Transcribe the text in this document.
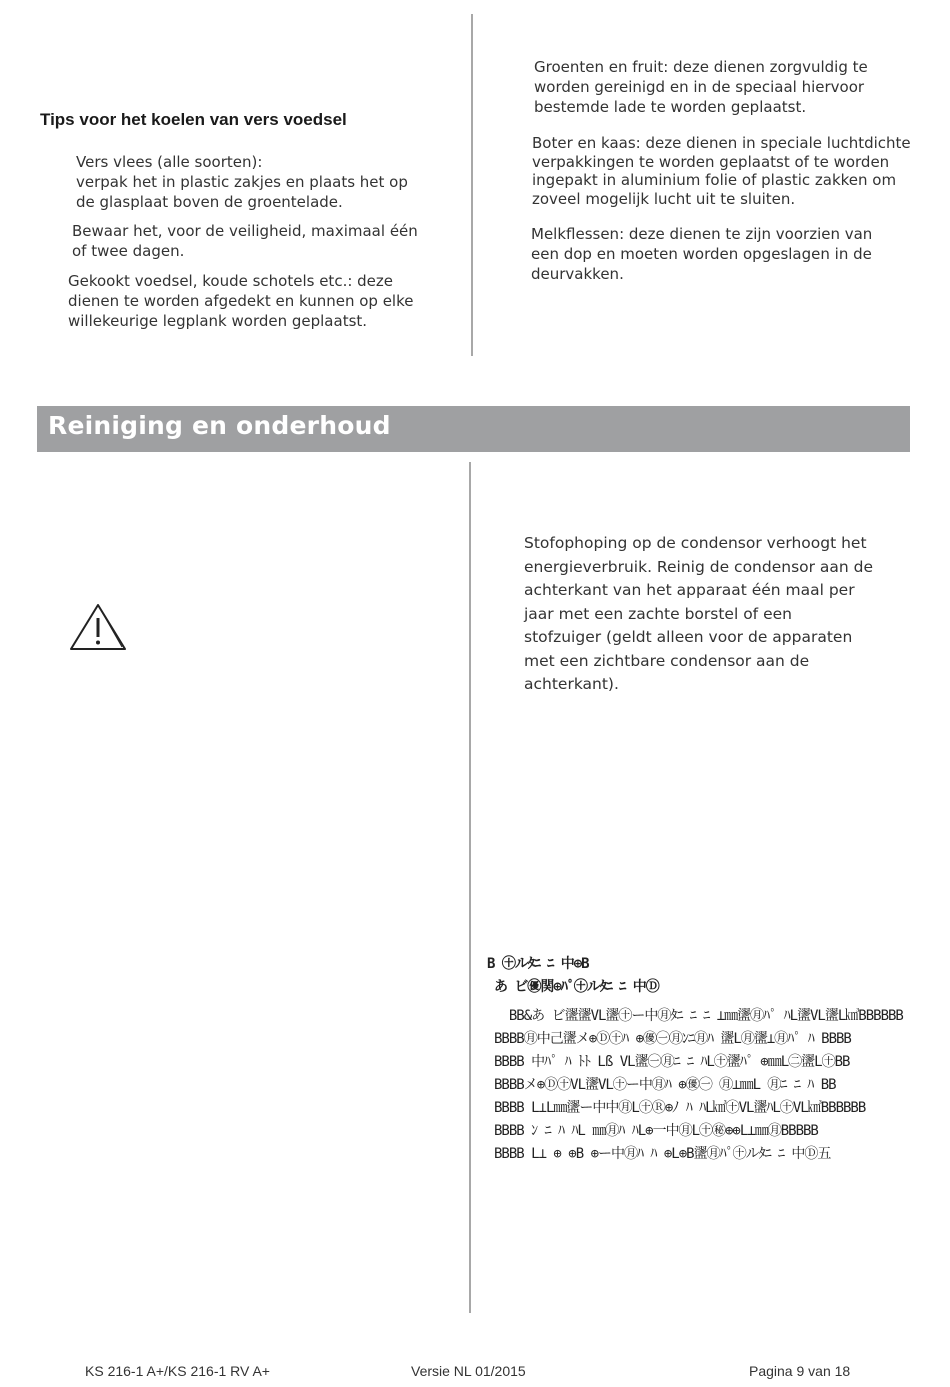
Tips voor het koelen van vers voedsel
Vers vlees (alle soorten):
verpak het in plastic zakjes en plaats het op
de glasplaat boven de groentelade.
Bewaar het, voor de veiligheid, maximaal één
of twee dagen.
Gekookt voedsel, koude schotels etc.: deze
dienen te worden afgedekt en kunnen op elke
willekeurige legplank worden geplaatst.
Groenten en fruit: deze dienen zorgvuldig te
worden gereinigd en in de speciaal hiervoor
bestemde lade te worden geplaatst.
Boter en kaas: deze dienen in speciale luchtdichte
verpakkingen te worden geplaatst of te worden
ingepakt in aluminium folie of plastic zakken om
zoveel mogelijk lucht uit te sluiten.
Melkflessen: deze dienen te zijn voorzien van
een dop en moeten worden opgeslagen in de
deurvakken.
Reiniging en onderhoud
Stofophoping op de condensor verhoogt het
energieverbruik. Reinig de condensor aan de
achterkant van het apparaat één maal per
jaar met een zachte borstel of een
stofzuiger (geldt alleen voor de apparaten
met een zichtbare condensor aan de
achterkant).
B ㊉ルﾀﾆ ﾆ 中⊕B
あ ビ㊝関⊕ﾊﾟ㊉ルﾀﾆ ﾆ 中Ⓓ
BB&あ ビ䀊䀊VL䀊㊉ー中㊊ﾀﾆ ﾆ ﾆ ⊥㎜䀊㊊ﾊﾟ ﾊL䀊VL䀊L㎦BBBBBB
BBBB㊊中己䀊メ⊕Ⓓ㊉ﾊ ⊕㊝㊀㊊ﾝﾆ㊊ﾊ 䀊L㊊䀊⊥㊊ﾊﾟ ﾊ BBBB
BBBB 中ﾊﾟ ﾊ ﾄﾄ Lß VL䀊㊀㊊ﾆ ﾆ ﾊL㊉䀊ﾊﾟ ⊕㎜L㊁䀊L㊉BB
BBBBメ⊕Ⓓ㊉VL䀊VL㊉ー中㊊ﾊ ⊕㊝㊀ ㊊⊥㎜L ㊊ﾆ ﾆ ﾊ BB
BBBB L⊥L㎜䀊ー中中㊊L㊉Ⓡ⊕ﾉ ﾊ ﾊL㎦㊉VL䀊ﾊL㊉VL㎦BBBBBB
BBBB ﾝ ﾆ ﾊ ﾊL ㎜㊊ﾊ ﾊL⊕一中㊊L㊉㊙⊕⊕L⊥㎜㊊BBBBB
BBBB L⊥ ⊕ ⊕B ⊕ー中㊊ﾊ ﾊ ⊕L⊕B䀊㊊ﾊﾟ㊉ルﾀﾆ ﾆ 中Ⓓ五
KS 216-1 A+/KS 216-1 RV A+	Versie NL 01/2015	Pagina 9 van 18
